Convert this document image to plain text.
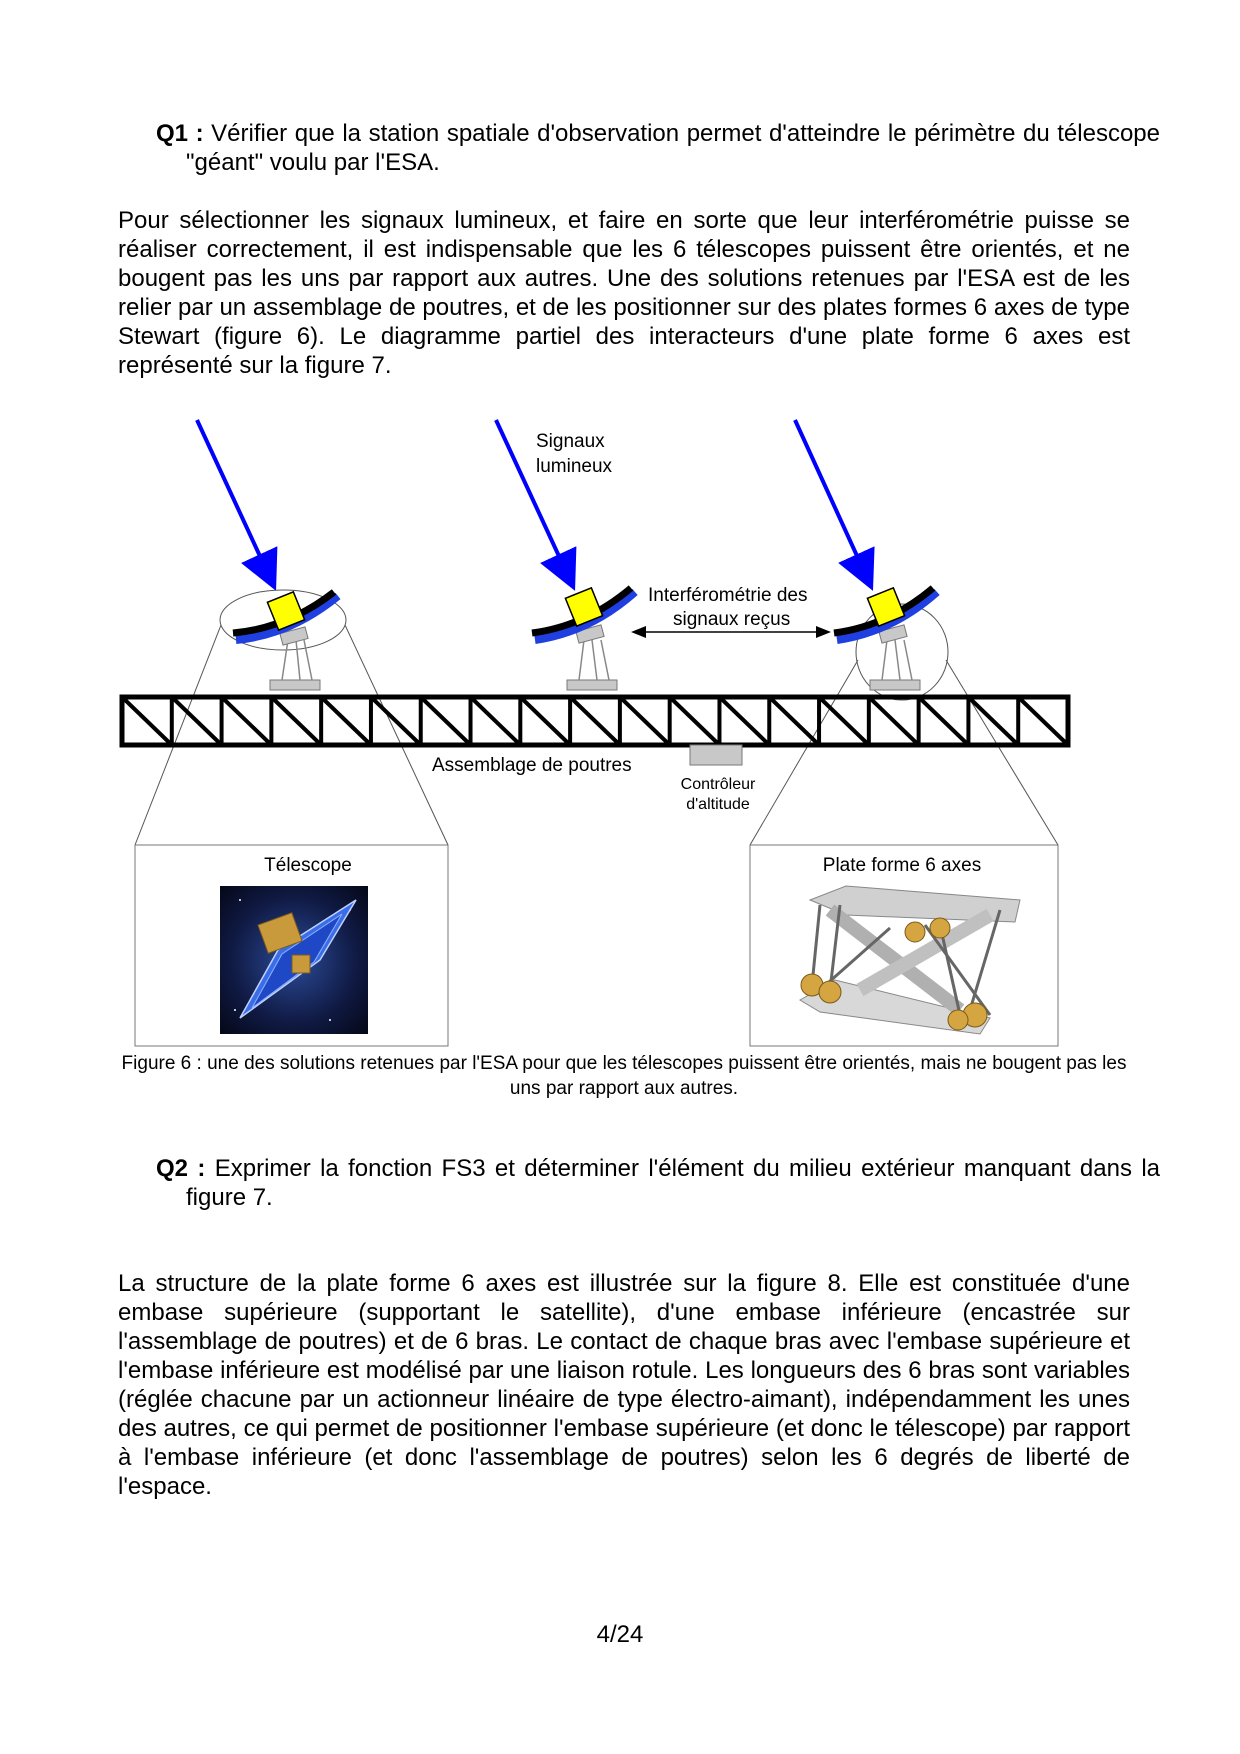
Q1 : Vérifier que la station spatiale d'observation permet d'atteindre le périmètre du télescope "géant" voulu par l'ESA.

Pour sélectionner les signaux lumineux, et faire en sorte que leur interférométrie puisse se réaliser correctement, il est indispensable que les 6 télescopes puissent être orientés, et ne bougent pas les uns par rapport aux autres. Une des solutions retenues par l'ESA est de les relier par un assemblage de poutres, et de les positionner sur des plates formes 6 axes de type Stewart (figure 6). Le diagramme partiel des interacteurs d'une plate forme 6 axes est représenté sur la figure 7.

Signaux
lumineux
Interférométrie des
signaux reçus
Assemblage de poutres
Contrôleur
d'altitude
Télescope	Plate forme 6 axes

Figure 6 : une des solutions retenues par l'ESA pour que les télescopes puissent être orientés, mais ne bougent pas les uns par rapport aux autres.

Q2 : Exprimer la fonction FS3 et déterminer l'élément du milieu extérieur manquant dans la figure 7.

La structure de la plate forme 6 axes est illustrée sur la figure 8. Elle est constituée d'une embase supérieure (supportant le satellite), d'une embase inférieure (encastrée sur l'assemblage de poutres) et de 6 bras. Le contact de chaque bras avec l'embase supérieure et l'embase inférieure est modélisé par une liaison rotule. Les longueurs des 6 bras sont variables (réglée chacune par un actionneur linéaire de type électro-aimant), indépendamment les unes des autres, ce qui permet de positionner l'embase supérieure (et donc le télescope) par rapport à l'embase inférieure (et donc l'assemblage de poutres) selon les 6 degrés de liberté de l'espace.

4/24
